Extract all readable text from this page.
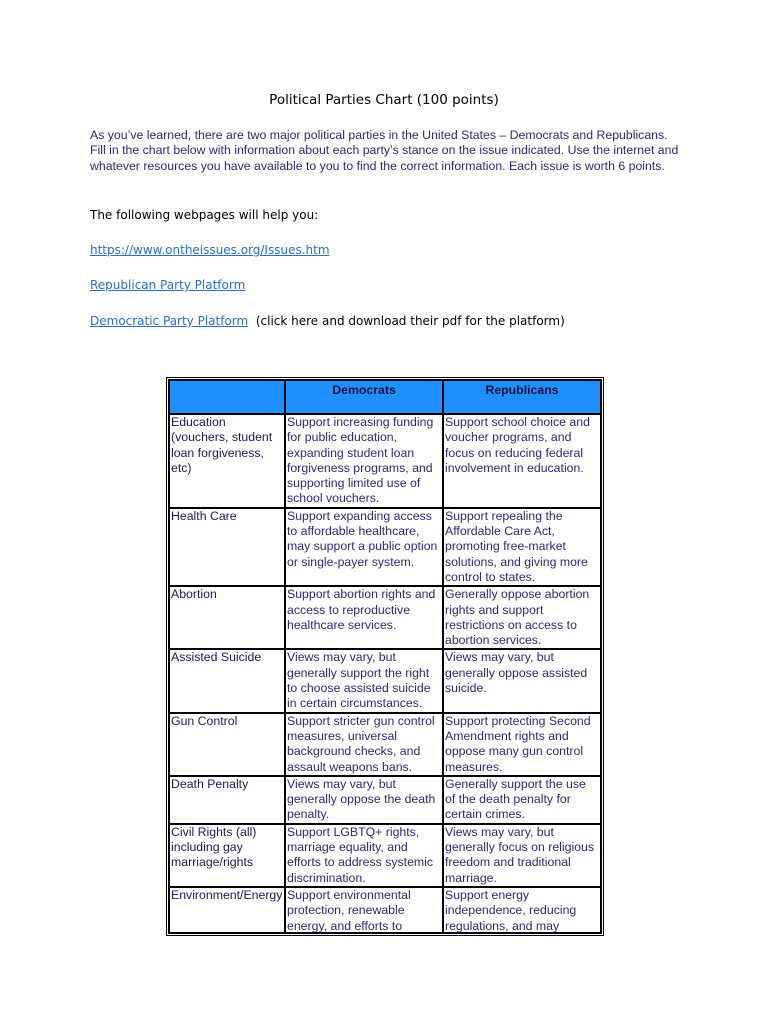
Political Parties Chart (100 points)
As you’ve learned, there are two major political parties in the United States – Democrats and Republicans. Fill in the chart below with information about each party’s stance on the issue indicated. Use the internet and whatever resources you have available to you to find the correct information. Each issue is worth 6 points.
The following webpages will help you:
https://www.ontheissues.org/Issues.htm
Republican Party Platform
Democratic Party Platform (click here and download their pdf for the platform)
	Democrats	Republicans
Education (vouchers, student loan forgiveness, etc)	Support increasing funding for public education, expanding student loan forgiveness programs, and supporting limited use of school vouchers.	Support school choice and voucher programs, and focus on reducing federal involvement in education.
Health Care	Support expanding access to affordable healthcare, may support a public option or single-payer system.	Support repealing the Affordable Care Act, promoting free-market solutions, and giving more control to states.
Abortion	Support abortion rights and access to reproductive healthcare services.	Generally oppose abortion rights and support restrictions on access to abortion services.
Assisted Suicide	Views may vary, but generally support the right to choose assisted suicide in certain circumstances.	Views may vary, but generally oppose assisted suicide.
Gun Control	Support stricter gun control measures, universal background checks, and assault weapons bans.	Support protecting Second Amendment rights and oppose many gun control measures.
Death Penalty	Views may vary, but generally oppose the death penalty.	Generally support the use of the death penalty for certain crimes.
Civil Rights (all) including gay marriage/rights	Support LGBTQ+ rights, marriage equality, and efforts to address systemic discrimination.	Views may vary, but generally focus on religious freedom and traditional marriage.

Environment/Energy	Support environmental protection, renewable energy, and efforts to	Support energy independence, reducing regulations, and may
